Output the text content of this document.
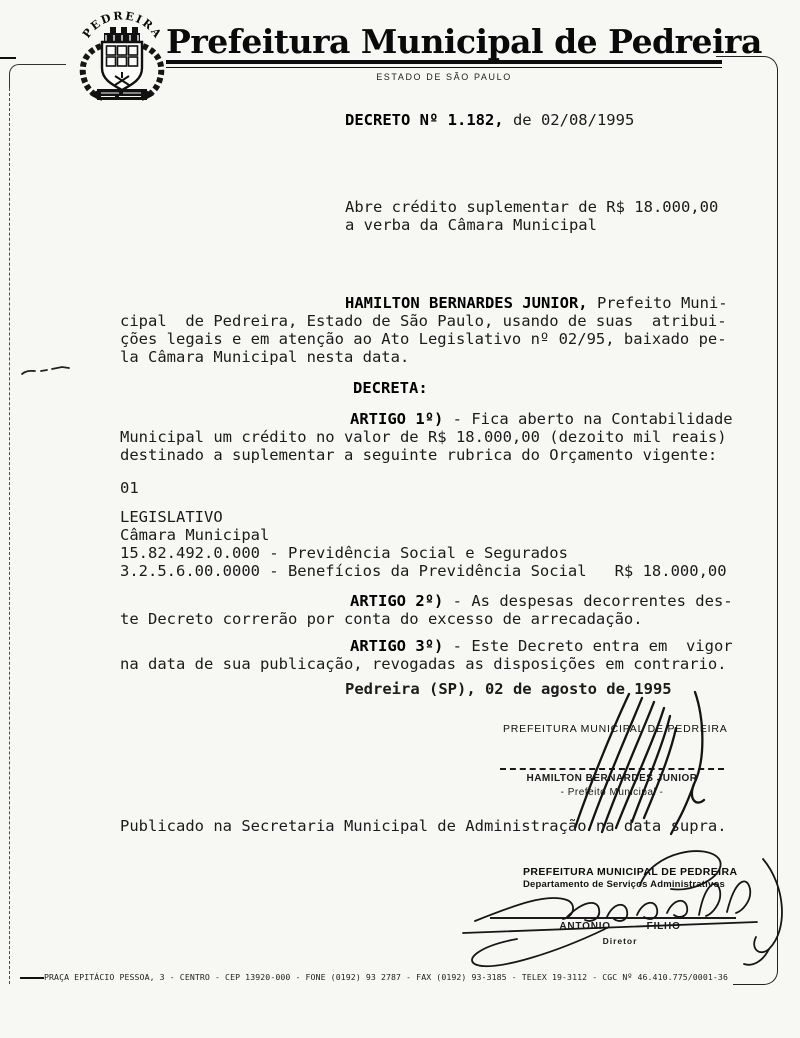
PEDREIRA Prefeitura Municipal de Pedreira
ESTADO DE SÃO PAULO
DECRETO Nº 1.182, de 02/08/1995
Abre crédito suplementar de R$ 18.000,00
a verba da Câmara Municipal
HAMILTON BERNARDES JUNIOR, Prefeito Muni-
cipal  de Pedreira, Estado de São Paulo, usando de suas  atribui-
ções legais e em atenção ao Ato Legislativo nº 02/95, baixado pe-
la Câmara Municipal nesta data.
DECRETA:
ARTIGO 1º) - Fica aberto na Contabilidade
Municipal um crédito no valor de R$ 18.000,00 (dezoito mil reais)
destinado a suplementar a seguinte rubrica do Orçamento vigente:
01
LEGISLATIVO
Câmara Municipal
15.82.492.0.000 - Previdência Social e Segurados
3.2.5.6.00.0000 - Benefícios da Previdência Social   R$ 18.000,00
ARTIGO 2º) - As despesas decorrentes des-
te Decreto correrão por conta do excesso de arrecadação.
ARTIGO 3º) - Este Decreto entra em  vigor
na data de sua publicação, revogadas as disposições em contrario.
Pedreira (SP), 02 de agosto de 1995
PREFEITURA MUNICIPAL DE PEDREIRA
HAMILTON BERNARDES JUNIOR
- Prefeito Municipal -
Publicado na Secretaria Municipal de Administração na data supra.
PREFEITURA MUNICIPAL DE PEDREIRA
Departamento de Serviços Administrativos
ANTONIO          FILHO
Diretor
PRAÇA EPITÁCIO PESSOA, 3 - CENTRO - CEP 13920-000 - FONE (0192) 93 2787 - FAX (0192) 93-3185 - TELEX 19-3112 - CGC Nº 46.410.775/0001-36
